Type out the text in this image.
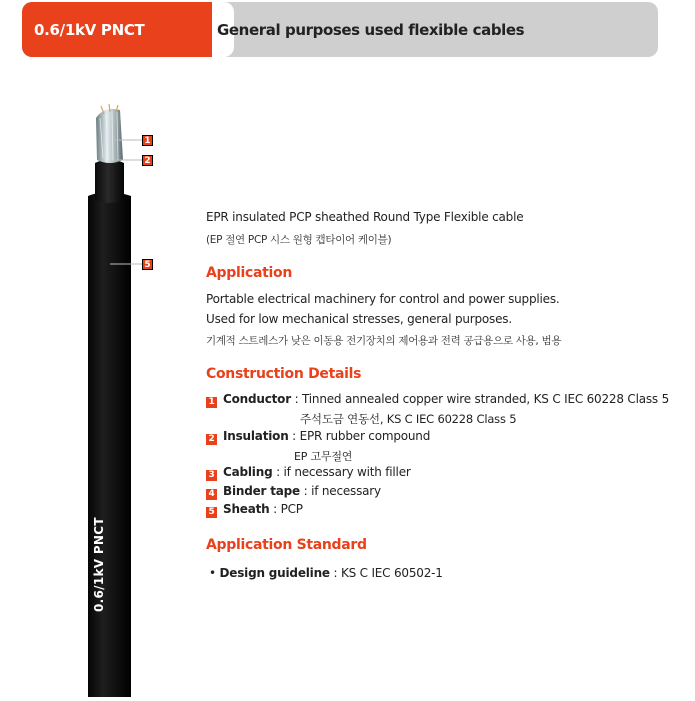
0.6/1kV PNCT	General purposes used flexible cables
1
2
5
0.6/1kV PNCT
EPR insulated PCP sheathed Round Type Flexible cable
(EP 절연 PCP 시스 원형 캡타이어 케이블)
Application
Portable electrical machinery for control and power supplies.
Used for low mechanical stresses, general purposes.
기계적 스트레스가 낮은 이동용 전기장치의 제어용과 전력 공급용으로 사용, 범용
Construction Details
1 Conductor : Tinned annealed copper wire stranded, KS C IEC 60228 Class 5
주석도금 연동선, KS C IEC 60228 Class 5
2 Insulation : EPR rubber compound
EP 고무절연
3 Cabling : if necessary with filler
4 Binder tape : if necessary
5 Sheath : PCP
Application Standard
• Design guideline : KS C IEC 60502-1
